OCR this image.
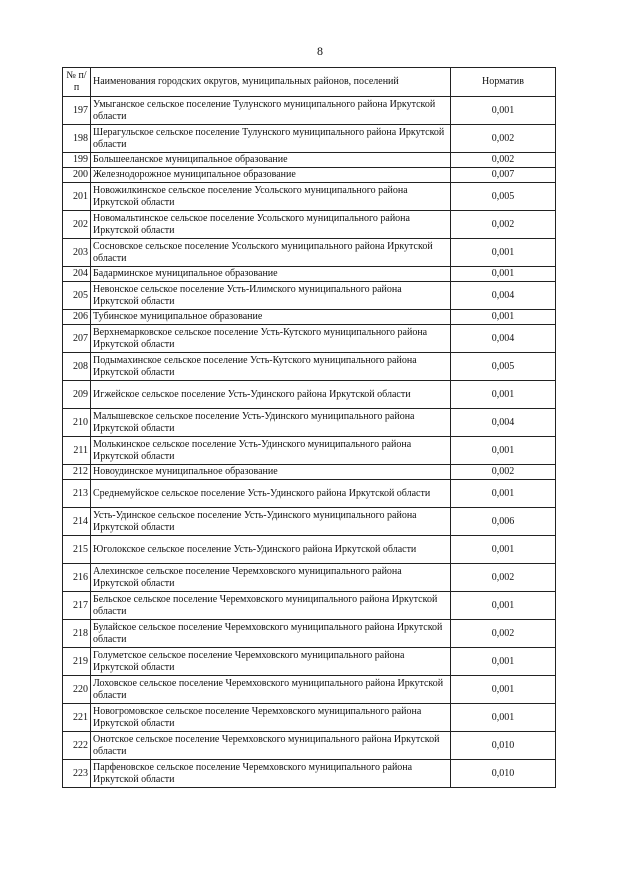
8
№ п/п	Наименования городских округов, муниципальных районов, поселений	Норматив
197	Умыганское сельское поселение Тулунского муниципального района Иркутской области	0,001
198	Шерагульское сельское поселение Тулунского муниципального района Иркутской области	0,002
199	Большееланское муниципальное образование	0,002
200	Железнодорожное муниципальное образование	0,007
201	Новожилкинское сельское поселение Усольского муниципального района Иркутской области	0,005
202	Новомальтинское сельское поселение Усольского муниципального района Иркутской области	0,002
203	Сосновское сельское поселение Усольского муниципального района Иркутской области	0,001
204	Бадарминское муниципальное образование	0,001
205	Невонское сельское поселение Усть-Илимского муниципального района Иркутской области	0,004
206	Тубинское муниципальное образование	0,001
207	Верхнемарковское сельское поселение Усть-Кутского муниципального района Иркутской области	0,004
208	Подымахинское сельское поселение Усть-Кутского муниципального района Иркутской области	0,005
209	Игжейское сельское поселение Усть-Удинского района Иркутской области	0,001
210	Малышевское сельское поселение Усть-Удинского муниципального района Иркутской области	0,004
211	Молькинское сельское поселение Усть-Удинского муниципального района Иркутской области	0,001
212	Новоудинское муниципальное образование	0,002
213	Среднемуйское сельское поселение Усть-Удинского района Иркутской области	0,001
214	Усть-Удинское сельское поселение Усть-Удинского муниципального района Иркутской области	0,006
215	Юголокское сельское поселение Усть-Удинского района Иркутской области	0,001
216	Алехинское сельское поселение Черемховского муниципального района Иркутской области	0,002
217	Бельское сельское поселение Черемховского муниципального района Иркутской области	0,001
218	Булайское сельское поселение Черемховского муниципального района Иркутской области	0,002
219	Голуметское сельское поселение Черемховского муниципального района Иркутской области	0,001
220	Лоховское сельское поселение Черемховского муниципального района Иркутской области	0,001
221	Новогромовское сельское поселение Черемховского муниципального района Иркутской области	0,001
222	Онотское сельское поселение Черемховского муниципального района Иркутской области	0,010
223	Парфеновское сельское поселение Черемховского муниципального района Иркутской области	0,010
